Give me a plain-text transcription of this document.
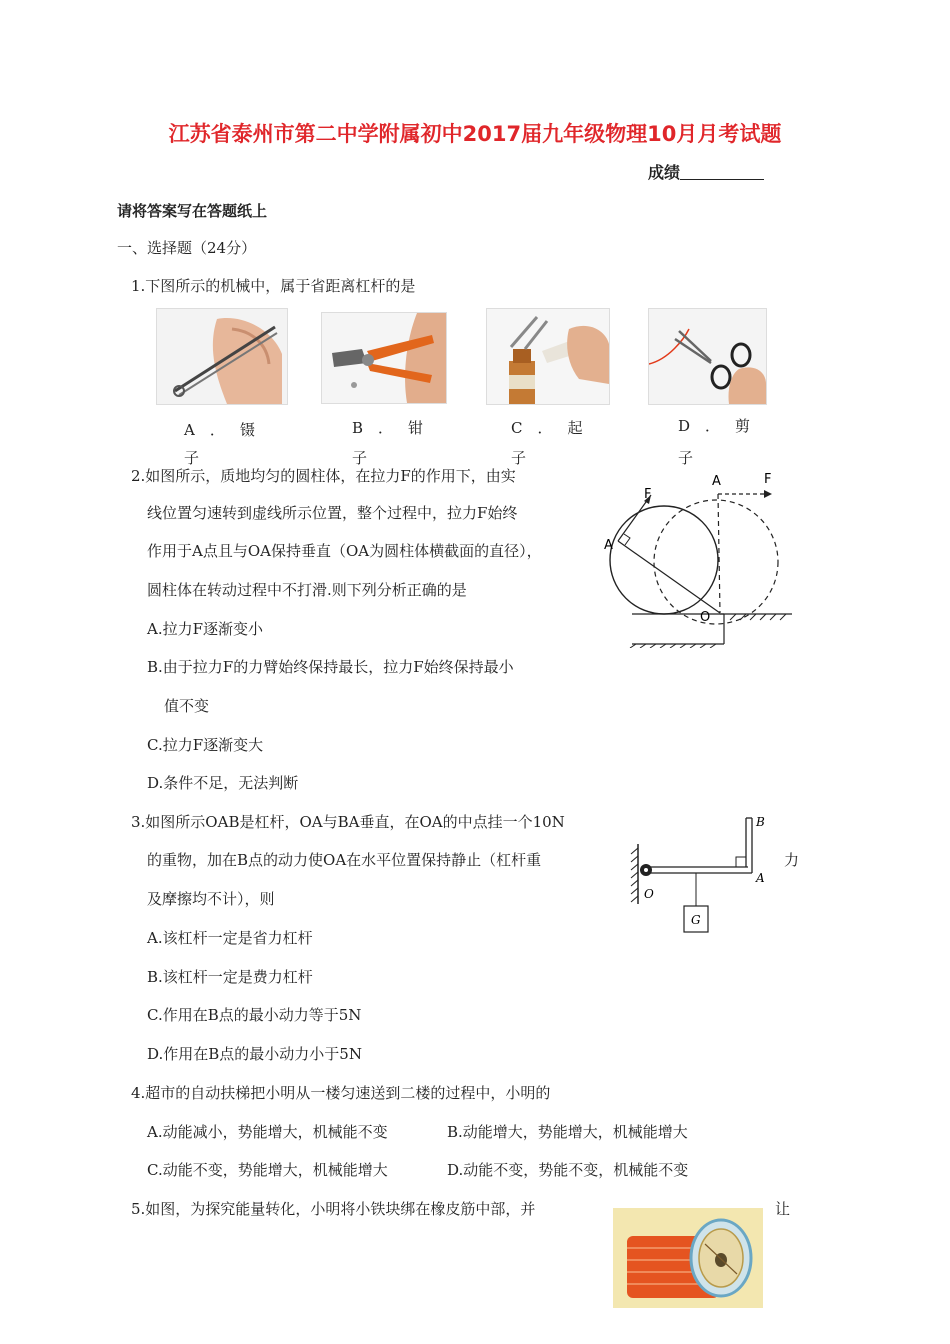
江苏省泰州市第二中学附属初中2017届九年级物理10月月考试题
成绩
请将答案写在答题纸上
一、选择题（24分）
1.下图所示的机械中，属于省距离杠杆的是
A．镊
子
B．钳
子
C．起
子
D．剪
子
2.如图所示，质地均匀的圆柱体，在拉力F的作用下，由实
线位置匀速转到虚线所示位置，整个过程中，拉力F始终
作用于A点且与OA保持垂直（OA为圆柱体横截面的直径），
圆柱体在转动过程中不打滑.则下列分析正确的是
A.拉力F逐渐变小
B.由于拉力F的力臂始终保持最长，拉力F始终保持最小
值不变
C.拉力F逐渐变大
D.条件不足，无法判断
F
F
A
A
O
3.如图所示OAB是杠杆，OA与BA垂直，在OA的中点挂一个10N
的重物，加在B点的动力使OA在水平位置保持静止（杠杆重	力
及摩擦均不计），则
A.该杠杆一定是省力杠杆
B.该杠杆一定是费力杠杆
C.作用在B点的最小动力等于5N
D.作用在B点的最小动力小于5N
B
A
O
G
4.超市的自动扶梯把小明从一楼匀速送到二楼的过程中，小明的
A.动能减小，势能增大，机械能不变	B.动能增大，势能增大，机械能增大
C.动能不变，势能增大，机械能增大	D.动能不变，势能不变，机械能不变
5.如图，为探究能量转化，小明将小铁块绑在橡皮筋中部，并	让
